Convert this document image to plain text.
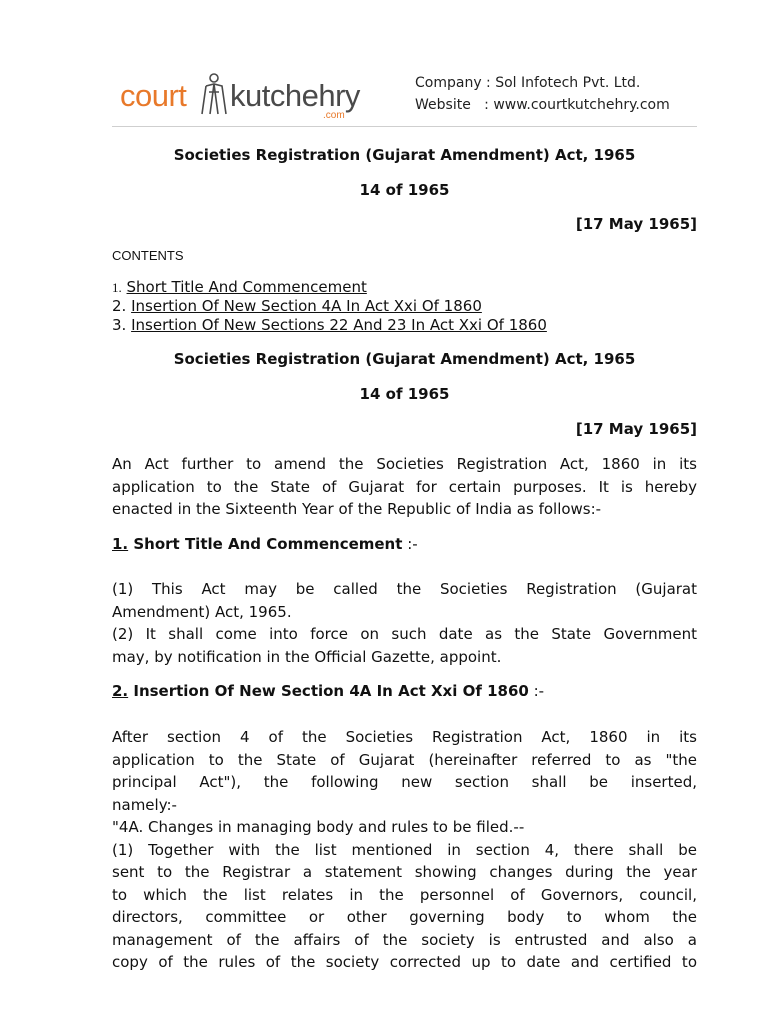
court kutchehry
.com
Company : Sol Infotech Pvt. Ltd.
Website   : www.courtkutchehry.com
Societies Registration (Gujarat Amendment) Act, 1965
14 of 1965
[17 May 1965]
CONTENTS
1. Short Title And Commencement
2. Insertion Of New Section 4A In Act Xxi Of 1860
3. Insertion Of New Sections 22 And 23 In Act Xxi Of 1860
Societies Registration (Gujarat Amendment) Act, 1965
14 of 1965
[17 May 1965]
An Act further to amend the Societies Registration Act, 1860 in its
application to the State of Gujarat for certain purposes. It is hereby
enacted in the Sixteenth Year of the Republic of India as follows:-
1. Short Title And Commencement :-
(1) This Act may be called the Societies Registration (Gujarat
Amendment) Act, 1965.
(2) It shall come into force on such date as the State Government
may, by notification in the Official Gazette, appoint.
2. Insertion Of New Section 4A In Act Xxi Of 1860 :-
After section 4 of the Societies Registration Act, 1860 in its
application to the State of Gujarat (hereinafter referred to as "the
principal Act"), the following new section shall be inserted,
namely:-
"4A. Changes in managing body and rules to be filed.--
(1) Together with the list mentioned in section 4, there shall be
sent to the Registrar a statement showing changes during the year
to which the list relates in the personnel of Governors, council,
directors, committee or other governing body to whom the
management of the affairs of the society is entrusted and also a
copy of the rules of the society corrected up to date and certified to
